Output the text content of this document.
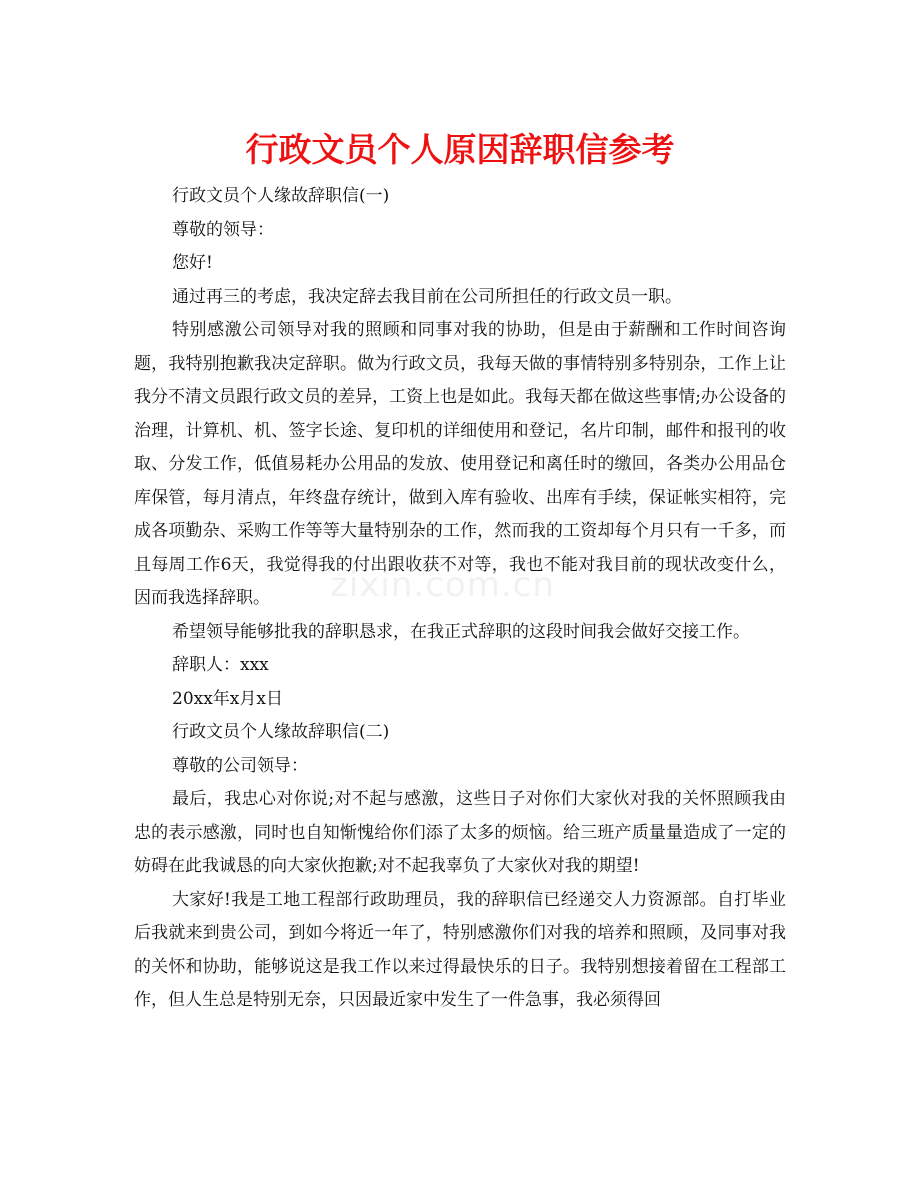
行政文员个人原因辞职信参考
zixin.com.cn

行政文员个人缘故辞职信(一)

尊敬的领导：

您好!

通过再三的考虑，我决定辞去我目前在公司所担任的行政文员一职。

特别感激公司领导对我的照顾和同事对我的协助，但是由于薪酬和工作时间咨询题，我特别抱歉我决定辞职。做为行政文员，我每天做的事情特别多特别杂，工作上让我分不清文员跟行政文员的差异，工资上也是如此。我每天都在做这些事情;办公设备的治理，计算机、机、签字长途、复印机的详细使用和登记，名片印制，邮件和报刊的收取、分发工作，低值易耗办公用品的发放、使用登记和离任时的缴回，各类办公用品仓库保管，每月清点，年终盘存统计，做到入库有验收、出库有手续，保证帐实相符，完成各项勤杂、采购工作等等大量特别杂的工作，然而我的工资却每个月只有一千多，而且每周工作6天，我觉得我的付出跟收获不对等，我也不能对我目前的现状改变什么，因而我选择辞职。

希望领导能够批我的辞职恳求，在我正式辞职的这段时间我会做好交接工作。

辞职人：xxx

20xx年x月x日

行政文员个人缘故辞职信(二)

尊敬的公司领导：

最后，我忠心对你说;对不起与感激，这些日子对你们大家伙对我的关怀照顾我由忠的表示感激，同时也自知惭愧给你们添了太多的烦恼。给三班产质量量造成了一定的妨碍在此我诚恳的向大家伙抱歉;对不起我辜负了大家伙对我的期望!

大家好!我是工地工程部行政助理员，我的辞职信已经递交人力资源部。自打毕业后我就来到贵公司，到如今将近一年了，特别感激你们对我的培养和照顾，及同事对我的关怀和协助，能够说这是我工作以来过得最快乐的日子。我特别想接着留在工程部工作，但人生总是特别无奈，只因最近家中发生了一件急事，我必须得回
